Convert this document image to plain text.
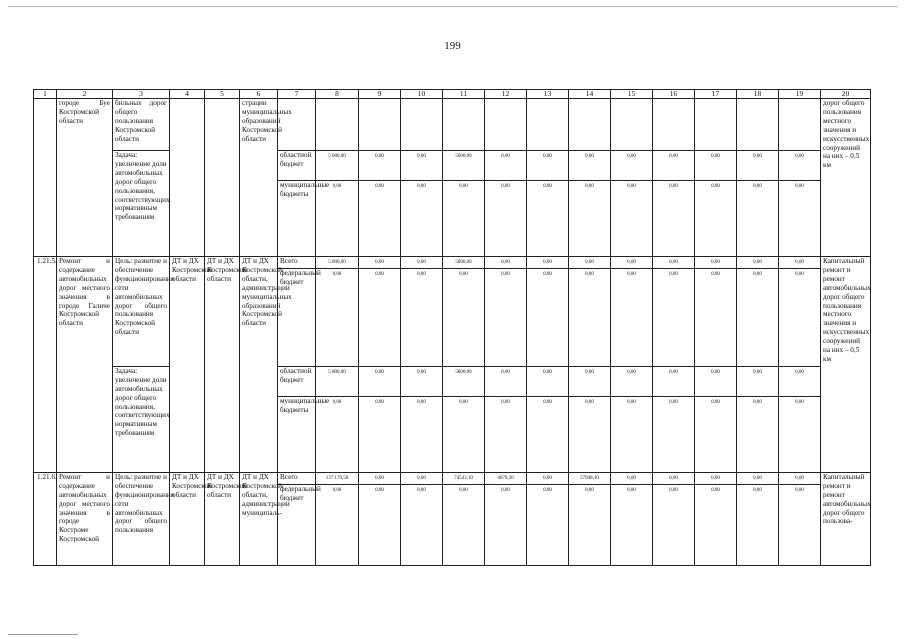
199
1	2	3	4	5	6	7	8	9	10	11	12	13	14	15	16	17	18	19	20
	городе Буе Костромской области	бильных дорог общего пользования Костромской области			страции муниципальных образований Костромской области														дорог общего пользования местного значения и искусственных сооружений на них – 0,5 км
		Задача: увеличение доли автомобильных дорог общего пользования, соответствующих нормативным требованиям				областной бюджет	5 000,00	0,00	0,00	5000,00	0,00	0,00	0,00	0,00	0,00	0,00	0,00	0,00	
						муниципальные бюджеты	0,00	0,00	0,00	0,00	0,00	0,00	0,00	0,00	0,00	0,00	0,00	0,00	
1.21.5.	Ремонт и содержание автомобильных дорог местного значения в городе Галиче Костромской области	Цель: развитие и обеспечение функционирования сети автомобильных дорог общего пользования Костромской области	ДТ и ДХ Костромской области	ДТ и ДХ Костромской области	ДТ и ДХ Костромской области, администрации муниципальных образований Костромской области	Всего	5 800,00	0,00	0,00	5800,00	0,00	0,00	0,00	0,00	0,00	0,00	0,00	0,00	Капитальный ремонт и ремонт автомобильных дорог общего пользования местного значения и искусственных сооружений на них – 0,5 км
						федеральный бюджет	0,00	0,00	0,00	0,00	0,00	0,00	0,00	0,00	0,00	0,00	0,00	0,00	
		Задача: увеличение доли автомобильных дорог общего пользования, соответствующих нормативным требованиям				областной бюджет	5 800,00	0,00	0,00	5800,00	0,00	0,00	0,00	0,00	0,00	0,00	0,00	0,00	
						муниципальные бюджеты	0,00	0,00	0,00	0,00	0,00	0,00	0,00	0,00	0,00	0,00	0,00	0,00	
1.21.6.	Ремонт и содержание автомобильных дорог местного значения в городе Костроме Костромской	Цель: развитие и обеспечение функционирования сети автомобильных дорог общего пользования	ДТ и ДХ Костромской области	ДТ и ДХ Костромской области	ДТ и ДХ Костромской области, администрации муниципаль-	Всего	137 170,50	0,00	0,00	74543,10	4679,30	0,00	57948,10	0,00	0,00	0,00	0,00	0,00	Капитальный ремонт и ремонт автомобильных дорог общего пользова-
						федеральный бюджет	0,00	0,00	0,00	0,00	0,00	0,00	0,00	0,00	0,00	0,00	0,00	0,00	
